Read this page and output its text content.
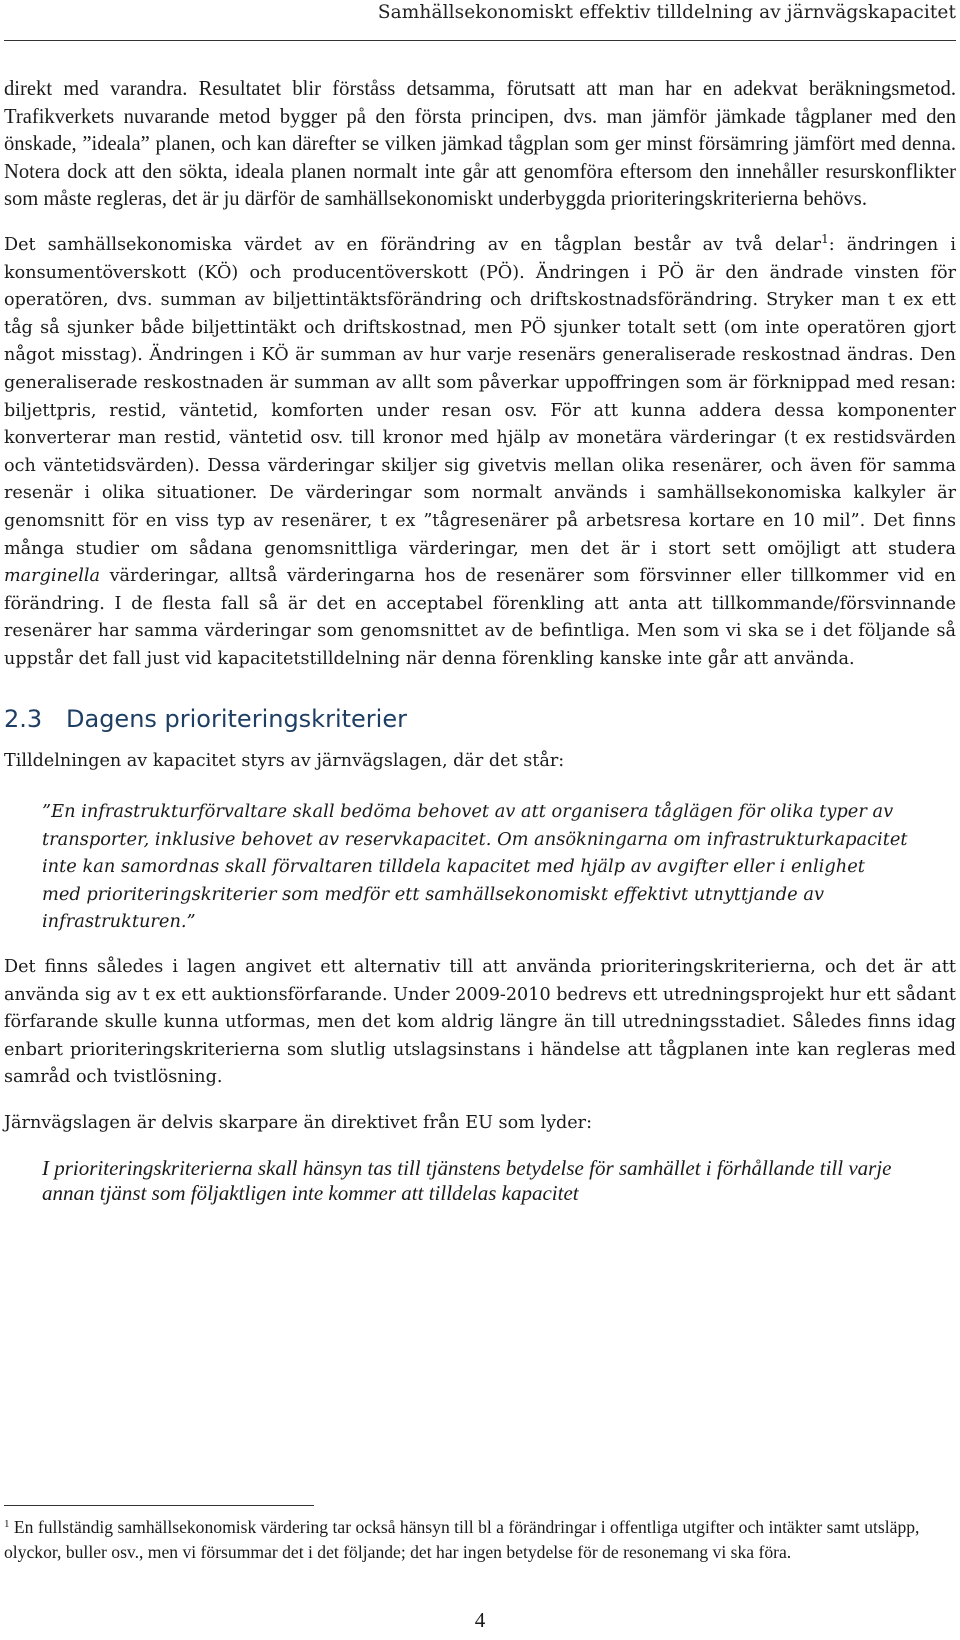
Samhällsekonomiskt effektiv tilldelning av järnvägskapacitet

direkt med varandra. Resultatet blir förståss detsamma, förutsatt att man har en adekvat beräkningsmetod. Trafikverkets nuvarande metod bygger på den första principen, dvs. man jämför jämkade tågplaner med den önskade, ”ideala” planen, och kan därefter se vilken jämkad tågplan som ger minst försämring jämfört med denna. Notera dock att den sökta, ideala planen normalt inte går att genomföra eftersom den innehåller resurskonflikter som måste regleras, det är ju därför de samhällsekonomiskt underbyggda prioriteringskriterierna behövs.

Det samhällsekonomiska värdet av en förändring av en tågplan består av två delar$^1$: ändringen i konsumentöverskott (KÖ) och producentöverskott (PÖ). Ändringen i PÖ är den ändrade vinsten för operatören, dvs. summan av biljettintäktsförändring och driftskostnadsförändring. Stryker man t ex ett tåg så sjunker både biljettintäkt och driftskostnad, men PÖ sjunker totalt sett (om inte operatören gjort något misstag). Ändringen i KÖ är summan av hur varje resenärs generaliserade reskostnad ändras. Den generaliserade reskostnaden är summan av allt som påverkar uppoffringen som är förknippad med resan: biljettpris, restid, väntetid, komforten under resan osv. För att kunna addera dessa komponenter konverterar man restid, väntetid osv. till kronor med hjälp av monetära värderingar (t ex restidsvärden och väntetidsvärden). Dessa värderingar skiljer sig givetvis mellan olika resenärer, och även för samma resenär i olika situationer. De värderingar som normalt används i samhällsekonomiska kalkyler är genomsnitt för en viss typ av resenärer, t ex ”tågresenärer på arbetsresa kortare en 10 mil”. Det finns många studier om sådana genomsnittliga värderingar, men det är i stort sett omöjligt att studera marginella värderingar, alltså värderingarna hos de resenärer som försvinner eller tillkommer vid en förändring. I de flesta fall så är det en acceptabel förenkling att anta att tillkommande/försvinnande resenärer har samma värderingar som genomsnittet av de befintliga. Men som vi ska se i det följande så uppstår det fall just vid kapacitetstilldelning när denna förenkling kanske inte går att använda.

2.3 Dagens prioriteringskriterier

Tilldelningen av kapacitet styrs av järnvägslagen, där det står:

”En infrastrukturförvaltare skall bedöma behovet av att organisera tåglägen för olika typer av transporter, inklusive behovet av reservkapacitet. Om ansökningarna om infrastrukturkapacitet inte kan samordnas skall förvaltaren tilldela kapacitet med hjälp av avgifter eller i enlighet med prioriteringskriterier som medför ett samhällsekonomiskt effektivt utnyttjande av infrastrukturen.”

Det finns således i lagen angivet ett alternativ till att använda prioriteringskriterierna, och det är att använda sig av t ex ett auktionsförfarande. Under 2009-2010 bedrevs ett utredningsprojekt hur ett sådant förfarande skulle kunna utformas, men det kom aldrig längre än till utredningsstadiet. Således finns idag enbart prioriteringskriterierna som slutlig utslagsinstans i händelse att tågplanen inte kan regleras med samråd och tvistlösning.

Järnvägslagen är delvis skarpare än direktivet från EU som lyder:

I prioriteringskriterierna skall hänsyn tas till tjänstens betydelse för samhället i förhållande till varje annan tjänst som följaktligen inte kommer att tilldelas kapacitet
$^1$ En fullständig samhällsekonomisk värdering tar också hänsyn till bl a förändringar i offentliga utgifter och intäkter samt utsläpp, olyckor, buller osv., men vi försummar det i det följande; det har ingen betydelse för de resonemang vi ska föra.
4
